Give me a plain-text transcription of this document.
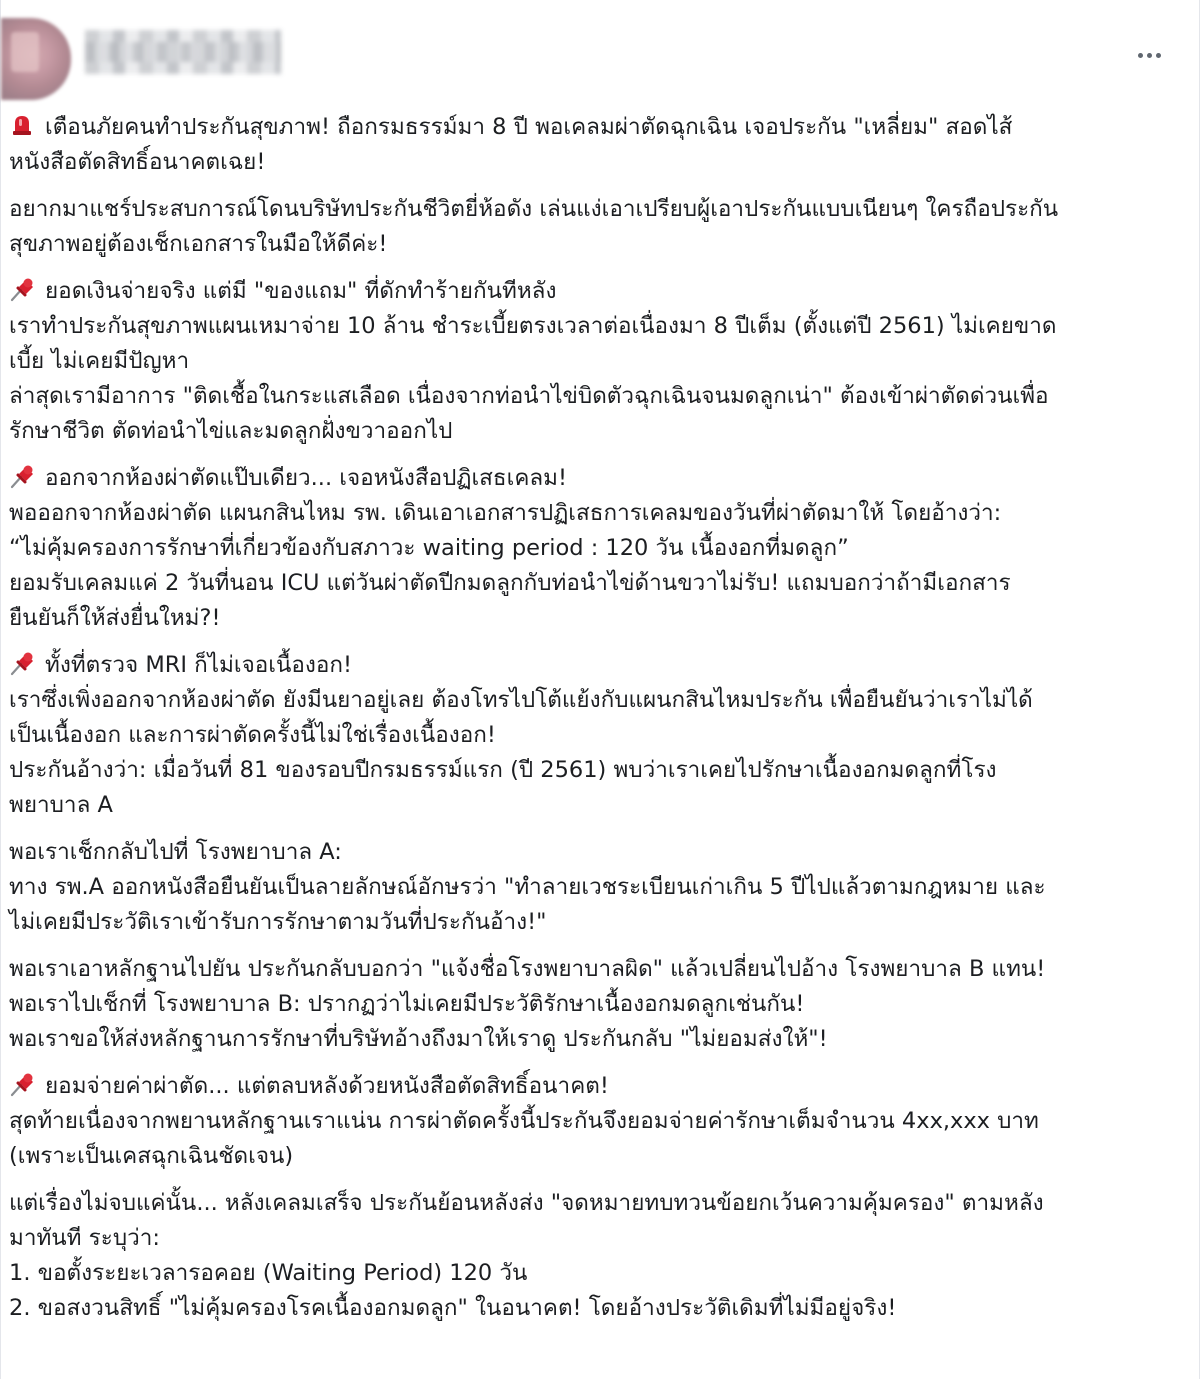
เตือนภัยคนทำประกันสุขภาพ! ถือกรมธรรม์มา 8 ปี พอเคลมผ่าตัดฉุกเฉิน เจอประกัน "เหลี่ยม" สอดไส้
หนังสือตัดสิทธิ์อนาคตเฉย!
อยากมาแชร์ประสบการณ์โดนบริษัทประกันชีวิตยี่ห้อดัง เล่นแง่เอาเปรียบผู้เอาประกันแบบเนียนๆ ใครถือประกัน
สุขภาพอยู่ต้องเช็กเอกสารในมือให้ดีค่ะ!
ยอดเงินจ่ายจริง แต่มี "ของแถม" ที่ดักทำร้ายกันทีหลัง
เราทำประกันสุขภาพแผนเหมาจ่าย 10 ล้าน ชำระเบี้ยตรงเวลาต่อเนื่องมา 8 ปีเต็ม (ตั้งแต่ปี 2561) ไม่เคยขาด
เบี้ย ไม่เคยมีปัญหา
ล่าสุดเรามีอาการ "ติดเชื้อในกระแสเลือด เนื่องจากท่อนำไข่บิดตัวฉุกเฉินจนมดลูกเน่า" ต้องเข้าผ่าตัดด่วนเพื่อ
รักษาชีวิต ตัดท่อนำไข่และมดลูกฝั่งขวาออกไป
ออกจากห้องผ่าตัดแป๊บเดียว... เจอหนังสือปฏิเสธเคลม!
พอออกจากห้องผ่าตัด แผนกสินไหม รพ. เดินเอาเอกสารปฏิเสธการเคลมของวันที่ผ่าตัดมาให้ โดยอ้างว่า:
“ไม่คุ้มครองการรักษาที่เกี่ยวข้องกับสภาวะ waiting period : 120 วัน เนื้องอกที่มดลูก”
ยอมรับเคลมแค่ 2 วันที่นอน ICU แต่วันผ่าตัดปีกมดลูกกับท่อนำไข่ด้านขวาไม่รับ! แถมบอกว่าถ้ามีเอกสาร
ยืนยันก็ให้ส่งยื่นใหม่?!
ทั้งที่ตรวจ MRI ก็ไม่เจอเนื้องอก!
เราซึ่งเพิ่งออกจากห้องผ่าตัด ยังมีนยาอยู่เลย ต้องโทรไปโต้แย้งกับแผนกสินไหมประกัน เพื่อยืนยันว่าเราไม่ได้
เป็นเนื้องอก และการผ่าตัดครั้งนี้ไม่ใช่เรื่องเนื้องอก!
ประกันอ้างว่า: เมื่อวันที่ 81 ของรอบปีกรมธรรม์แรก (ปี 2561) พบว่าเราเคยไปรักษาเนื้องอกมดลูกที่โรง
พยาบาล A
พอเราเช็กกลับไปที่ โรงพยาบาล A:
ทาง รพ.A ออกหนังสือยืนยันเป็นลายลักษณ์อักษรว่า "ทำลายเวชระเบียนเก่าเกิน 5 ปีไปแล้วตามกฎหมาย และ
ไม่เคยมีประวัติเราเข้ารับการรักษาตามวันที่ประกันอ้าง!"
พอเราเอาหลักฐานไปยัน ประกันกลับบอกว่า "แจ้งชื่อโรงพยาบาลผิด" แล้วเปลี่ยนไปอ้าง โรงพยาบาล B แทน!
พอเราไปเช็กที่ โรงพยาบาล B: ปรากฏว่าไม่เคยมีประวัติรักษาเนื้องอกมดลูกเช่นกัน!
พอเราขอให้ส่งหลักฐานการรักษาที่บริษัทอ้างถึงมาให้เราดู ประกันกลับ "ไม่ยอมส่งให้"!
ยอมจ่ายค่าผ่าตัด... แต่ตลบหลังด้วยหนังสือตัดสิทธิ์อนาคต!
สุดท้ายเนื่องจากพยานหลักฐานเราแน่น การผ่าตัดครั้งนี้ประกันจึงยอมจ่ายค่ารักษาเต็มจำนวน 4xx,xxx บาท
(เพราะเป็นเคสฉุกเฉินชัดเจน)
แต่เรื่องไม่จบแค่นั้น... หลังเคลมเสร็จ ประกันย้อนหลังส่ง "จดหมายทบทวนข้อยกเว้นความคุ้มครอง" ตามหลัง
มาทันที ระบุว่า:
1. ขอตั้งระยะเวลารอคอย (Waiting Period) 120 วัน
2. ขอสงวนสิทธิ์ "ไม่คุ้มครองโรคเนื้องอกมดลูก" ในอนาคต! โดยอ้างประวัติเดิมที่ไม่มีอยู่จริง!
